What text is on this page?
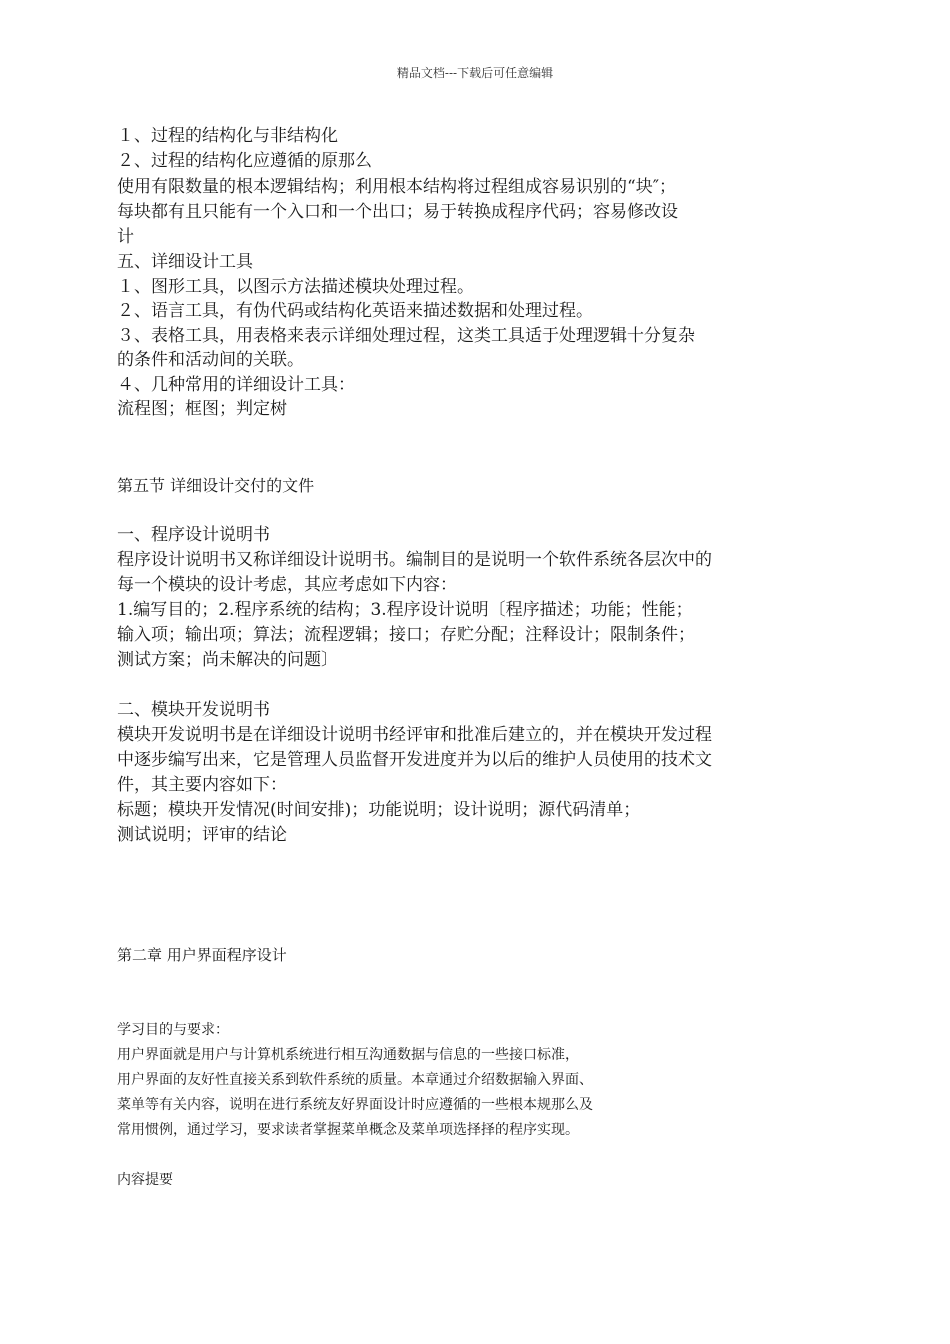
精品文档---下载后可任意编辑
１、过程的结构化与非结构化
２、过程的结构化应遵循的原那么
使用有限数量的根本逻辑结构；利用根本结构将过程组成容易识别的“块″；
每块都有且只能有一个入口和一个出口；易于转换成程序代码；容易修改设
计
五、详细设计工具
１、图形工具，以图示方法描述模块处理过程。
２、语言工具，有伪代码或结构化英语来描述数据和处理过程。
３、表格工具，用表格来表示详细处理过程，这类工具适于处理逻辑十分复杂
的条件和活动间的关联。
４、几种常用的详细设计工具：
流程图；框图；判定树
第五节 详细设计交付的文件
一、程序设计说明书
程序设计说明书又称详细设计说明书。编制目的是说明一个软件系统各层次中的
每一个模块的设计考虑，其应考虑如下内容：
1.编写目的；2.程序系统的结构；3.程序设计说明〔程序描述；功能；性能；
输入项；输出项；算法；流程逻辑；接口；存贮分配；注释设计；限制条件；
测试方案；尚未解决的问题〕
二、模块开发说明书
模块开发说明书是在详细设计说明书经评审和批准后建立的，并在模块开发过程
中逐步编写出来，它是管理人员监督开发进度并为以后的维护人员使用的技术文
件，其主要内容如下：
标题；模块开发情况(时间安排)；功能说明；设计说明；源代码清单；
测试说明；评审的结论
第二章 用户界面程序设计
学习目的与要求：
用户界面就是用户与计算机系统进行相互沟通数据与信息的一些接口标准，
用户界面的友好性直接关系到软件系统的质量。本章通过介绍数据输入界面、
菜单等有关内容，说明在进行系统友好界面设计时应遵循的一些根本规那么及
常用惯例，通过学习，要求读者掌握菜单概念及菜单项选择择的程序实现。
内容提要
